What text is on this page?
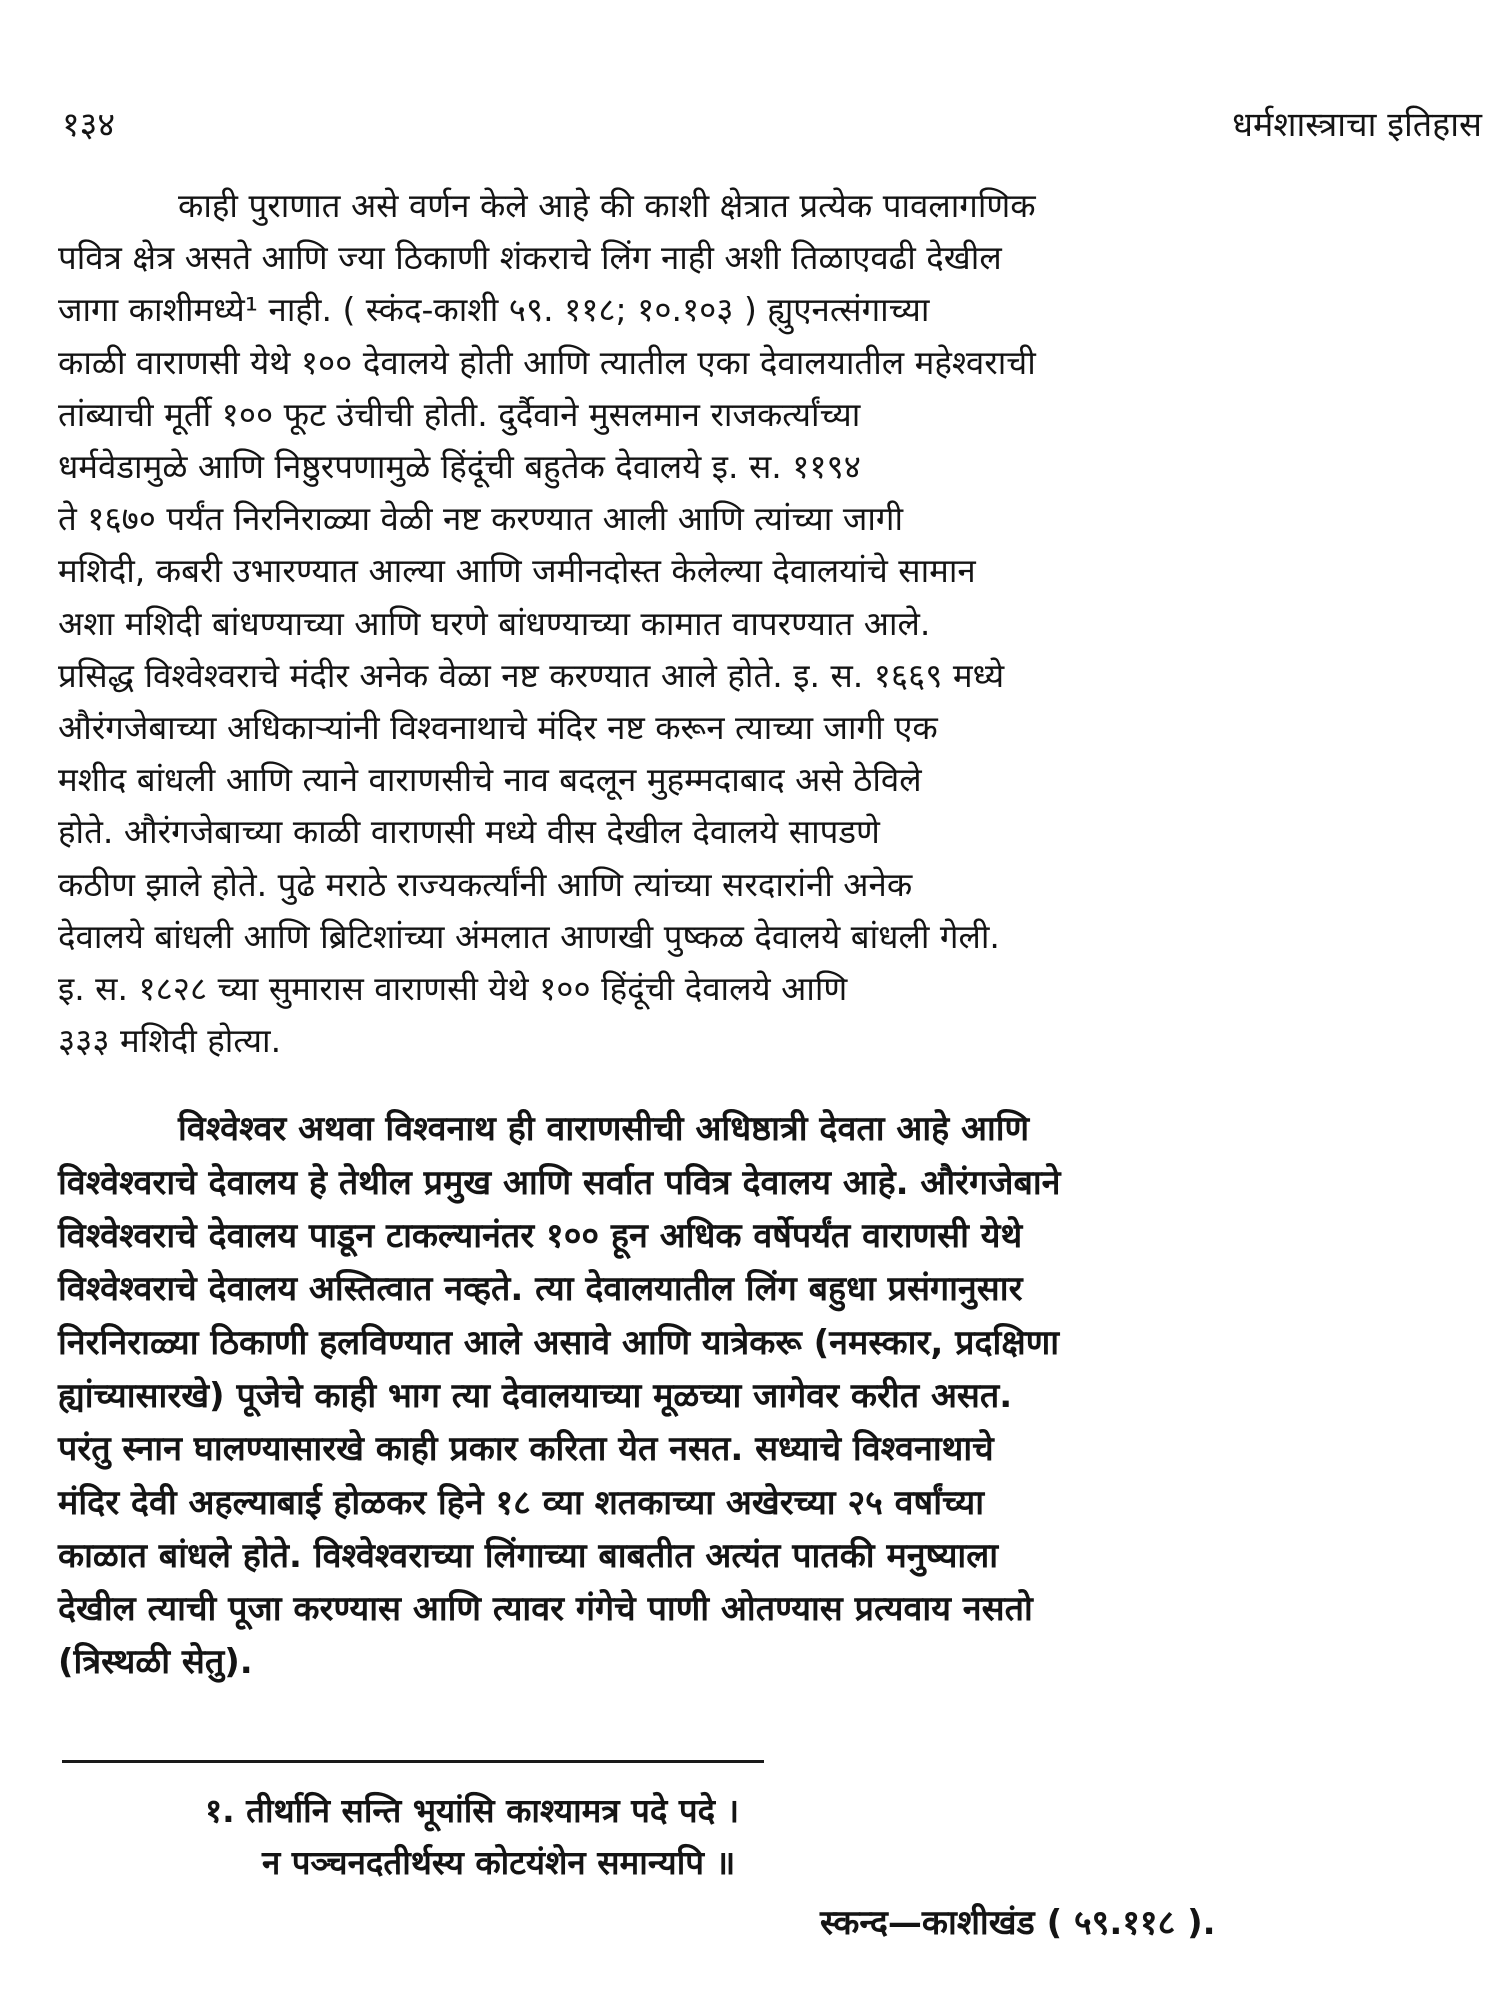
१३४	धर्मशास्त्राचा इतिहास

काही पुराणात असे वर्णन केले आहे की काशी क्षेत्रात प्रत्येक पावलागणिक

पवित्र क्षेत्र असते आणि ज्या ठिकाणी शंकराचे लिंग नाही अशी तिळाएवढी देखील

जागा काशीमध्ये¹ नाही. ( स्कंद-काशी ५९. ११८; १०.१०३ ) ह्युएनत्संगाच्या

काळी वाराणसी येथे १०० देवालये होती आणि त्यातील एका देवालयातील महेश्वराची

तांब्याची मूर्ती १०० फूट उंचीची होती. दुर्दैवाने मुसलमान राजकर्त्यांच्या

धर्मवेडामुळे आणि निष्ठुरपणामुळे हिंदूंची बहुतेक देवालये इ. स. ११९४

ते १६७० पर्यंत निरनिराळ्या वेळी नष्ट करण्यात आली आणि त्यांच्या जागी

मशिदी, कबरी उभारण्यात आल्या आणि जमीनदोस्त केलेल्या देवालयांचे सामान

अशा मशिदी बांधण्याच्या आणि घरणे बांधण्याच्या कामात वापरण्यात आले.

प्रसिद्ध विश्वेश्वराचे मंदीर अनेक वेळा नष्ट करण्यात आले होते. इ. स. १६६९ मध्ये

औरंगजेबाच्या अधिकाऱ्यांनी विश्वनाथाचे मंदिर नष्ट करून त्याच्या जागी एक

मशीद बांधली आणि त्याने वाराणसीचे नाव बदलून मुहम्मदाबाद असे ठेविले

होते. औरंगजेबाच्या काळी वाराणसी मध्ये वीस देखील देवालये सापडणे

कठीण झाले होते. पुढे मराठे राज्यकर्त्यांनी आणि त्यांच्या सरदारांनी अनेक

देवालये बांधली आणि ब्रिटिशांच्या अंमलात आणखी पुष्कळ देवालये बांधली गेली.

इ. स. १८२८ च्या सुमारास वाराणसी येथे १०० हिंदूंची देवालये आणि

३३३ मशिदी होत्या.

विश्वेश्वर अथवा विश्वनाथ ही वाराणसीची अधिष्ठात्री देवता आहे आणि

विश्वेश्वराचे देवालय हे तेथील प्रमुख आणि सर्वात पवित्र देवालय आहे. औरंगजेबाने

विश्वेश्वराचे देवालय पाडून टाकल्यानंतर १०० हून अधिक वर्षेपर्यंत वाराणसी येथे

विश्वेश्वराचे देवालय अस्तित्वात नव्हते. त्या देवालयातील लिंग बहुधा प्रसंगानुसार

निरनिराळ्या ठिकाणी हलविण्यात आले असावे आणि यात्रेकरू (नमस्कार, प्रदक्षिणा

ह्यांच्यासारखे) पूजेचे काही भाग त्या देवालयाच्या मूळच्या जागेवर करीत असत.

परंतु स्नान घालण्यासारखे काही प्रकार करिता येत नसत. सध्याचे विश्वनाथाचे

मंदिर देवी अहल्याबाई होळकर हिने १८ व्या शतकाच्या अखेरच्या २५ वर्षांच्या

काळात बांधले होते. विश्वेश्वराच्या लिंगाच्या बाबतीत अत्यंत पातकी मनुष्याला

देखील त्याची पूजा करण्यास आणि त्यावर गंगेचे पाणी ओतण्यास प्रत्यवाय नसतो

(त्रिस्थळी सेतु).

१. तीर्थानि सन्ति भूयांसि काश्यामत्र पदे पदे ।

न पञ्चनदतीर्थस्य कोटयंशेन समान्यपि ॥

स्कन्द—काशीखंड ( ५९.११८ ).
